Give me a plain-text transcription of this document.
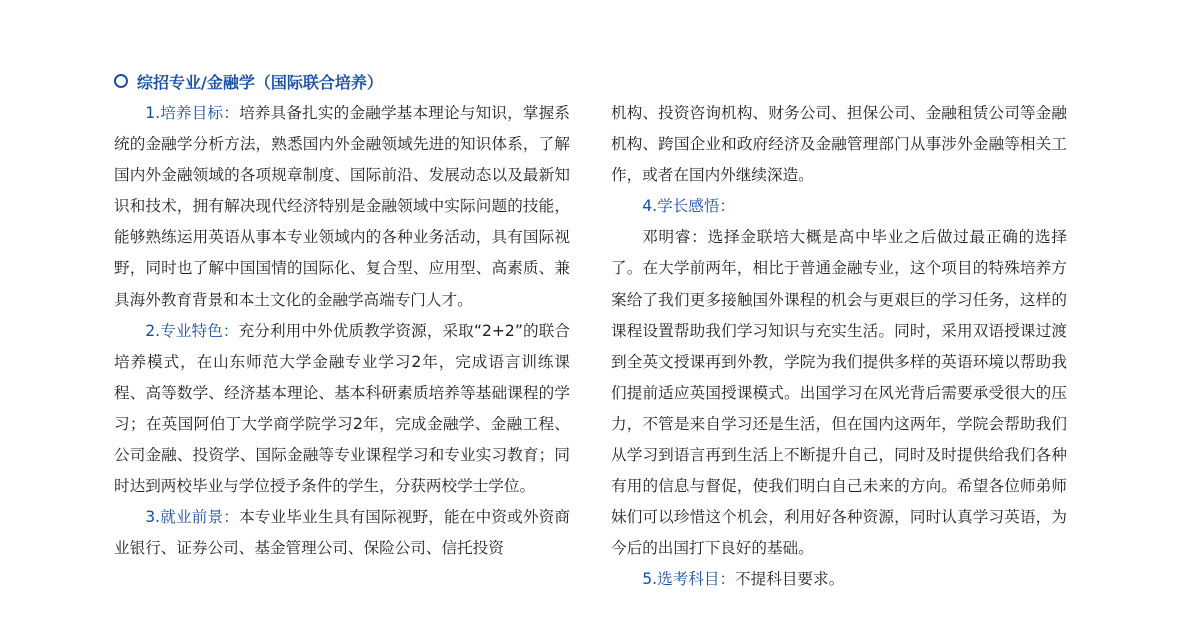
综招专业/金融学（国际联合培养）

1.培养目标：培养具备扎实的金融学基本理论与知识，掌握系统的金融学分析方法，熟悉国内外金融领域先进的知识体系，了解国内外金融领域的各项规章制度、国际前沿、发展动态以及最新知识和技术，拥有解决现代经济特别是金融领域中实际问题的技能，能够熟练运用英语从事本专业领域内的各种业务活动，具有国际视野，同时也了解中国国情的国际化、复合型、应用型、高素质、兼具海外教育背景和本土文化的金融学高端专门人才。

2.专业特色：充分利用中外优质教学资源，采取“2+2”的联合培养模式，在山东师范大学金融专业学习2年，完成语言训练课程、高等数学、经济基本理论、基本科研素质培养等基础课程的学习；在英国阿伯丁大学商学院学习2年，完成金融学、金融工程、公司金融、投资学、国际金融等专业课程学习和专业实习教育；同时达到两校毕业与学位授予条件的学生，分获两校学士学位。

3.就业前景：本专业毕业生具有国际视野，能在中资或外资商业银行、证券公司、基金管理公司、保险公司、信托投资

机构、投资咨询机构、财务公司、担保公司、金融租赁公司等金融机构、跨国企业和政府经济及金融管理部门从事涉外金融等相关工作，或者在国内外继续深造。

4.学长感悟：

邓明睿：选择金联培大概是高中毕业之后做过最正确的选择了。在大学前两年，相比于普通金融专业，这个项目的特殊培养方案给了我们更多接触国外课程的机会与更艰巨的学习任务，这样的课程设置帮助我们学习知识与充实生活。同时，采用双语授课过渡到全英文授课再到外教，学院为我们提供多样的英语环境以帮助我们提前适应英国授课模式。出国学习在风光背后需要承受很大的压力，不管是来自学习还是生活，但在国内这两年，学院会帮助我们从学习到语言再到生活上不断提升自己，同时及时提供给我们各种有用的信息与督促，使我们明白自己未来的方向。希望各位师弟师妹们可以珍惜这个机会，利用好各种资源，同时认真学习英语，为今后的出国打下良好的基础。

5.选考科目：不提科目要求。
